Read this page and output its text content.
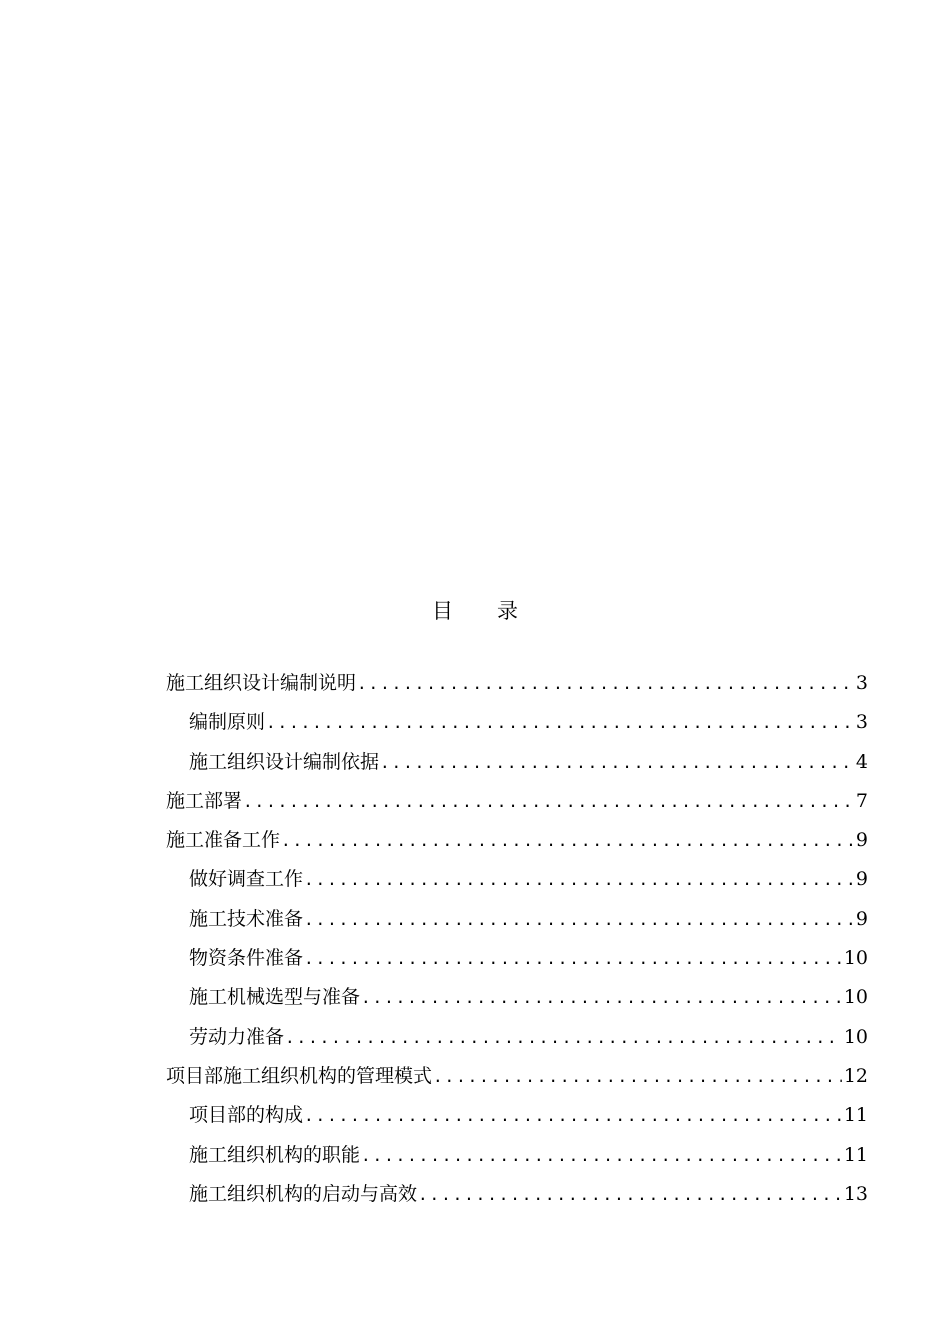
目 录
施工组织设计编制说明 .....	3
编制原则 .....	3
施工组织设计编制依据 .....	4
施工部署 .....	7
施工准备工作 .....	9
做好调查工作 .....	9
施工技术准备 .....	9
物资条件准备 .....	10
施工机械选型与准备 .....	10
劳动力准备 .....	10
项目部施工组织机构的管理模式 .....	12
项目部的构成 .....	11
施工组织机构的职能 .....	11
施工组织机构的启动与高效 .....	13
